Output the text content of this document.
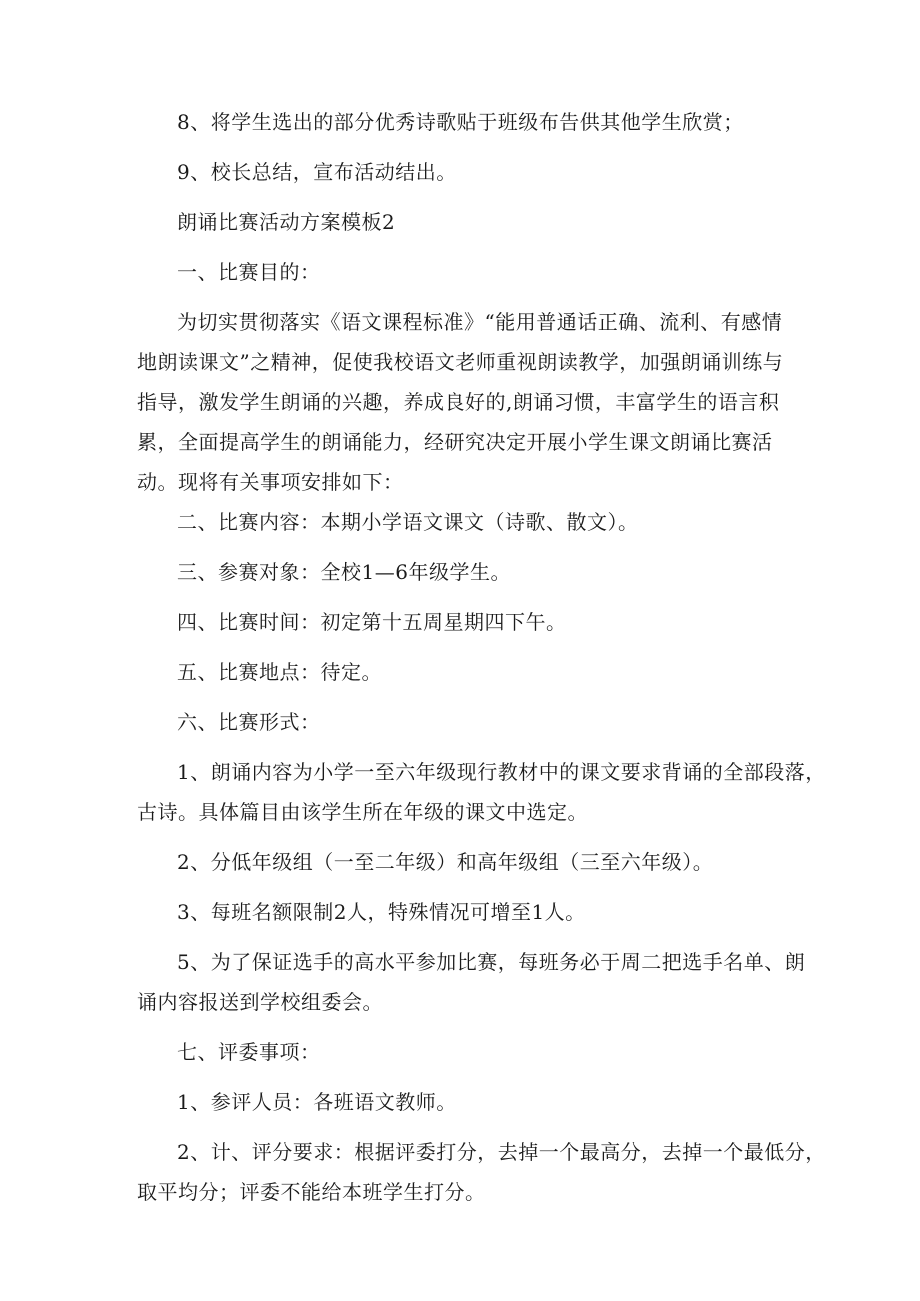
8、将学生选出的部分优秀诗歌贴于班级布告供其他学生欣赏；

9、校长总结，宣布活动结出。

朗诵比赛活动方案模板2

一、比赛目的：

为切实贯彻落实《语文课程标准》“能用普通话正确、流利、有感情
地朗读课文”之精神，促使我校语文老师重视朗读教学，加强朗诵训练与
指导，激发学生朗诵的兴趣，养成良好的,朗诵习惯，丰富学生的语言积
累，全面提高学生的朗诵能力，经研究决定开展小学生课文朗诵比赛活
动。现将有关事项安排如下：

二、比赛内容：本期小学语文课文（诗歌、散文）。

三、参赛对象：全校1—6年级学生。

四、比赛时间：初定第十五周星期四下午。

五、比赛地点：待定。

六、比赛形式：

1、朗诵内容为小学一至六年级现行教材中的课文要求背诵的全部段落，
古诗。具体篇目由该学生所在年级的课文中选定。

2、分低年级组（一至二年级）和高年级组（三至六年级）。

3、每班名额限制2人，特殊情况可增至1人。

5、为了保证选手的高水平参加比赛，每班务必于周二把选手名单、朗
诵内容报送到学校组委会。

七、评委事项：

1、参评人员：各班语文教师。

2、计、评分要求：根据评委打分，去掉一个最高分，去掉一个最低分，
取平均分；评委不能给本班学生打分。
